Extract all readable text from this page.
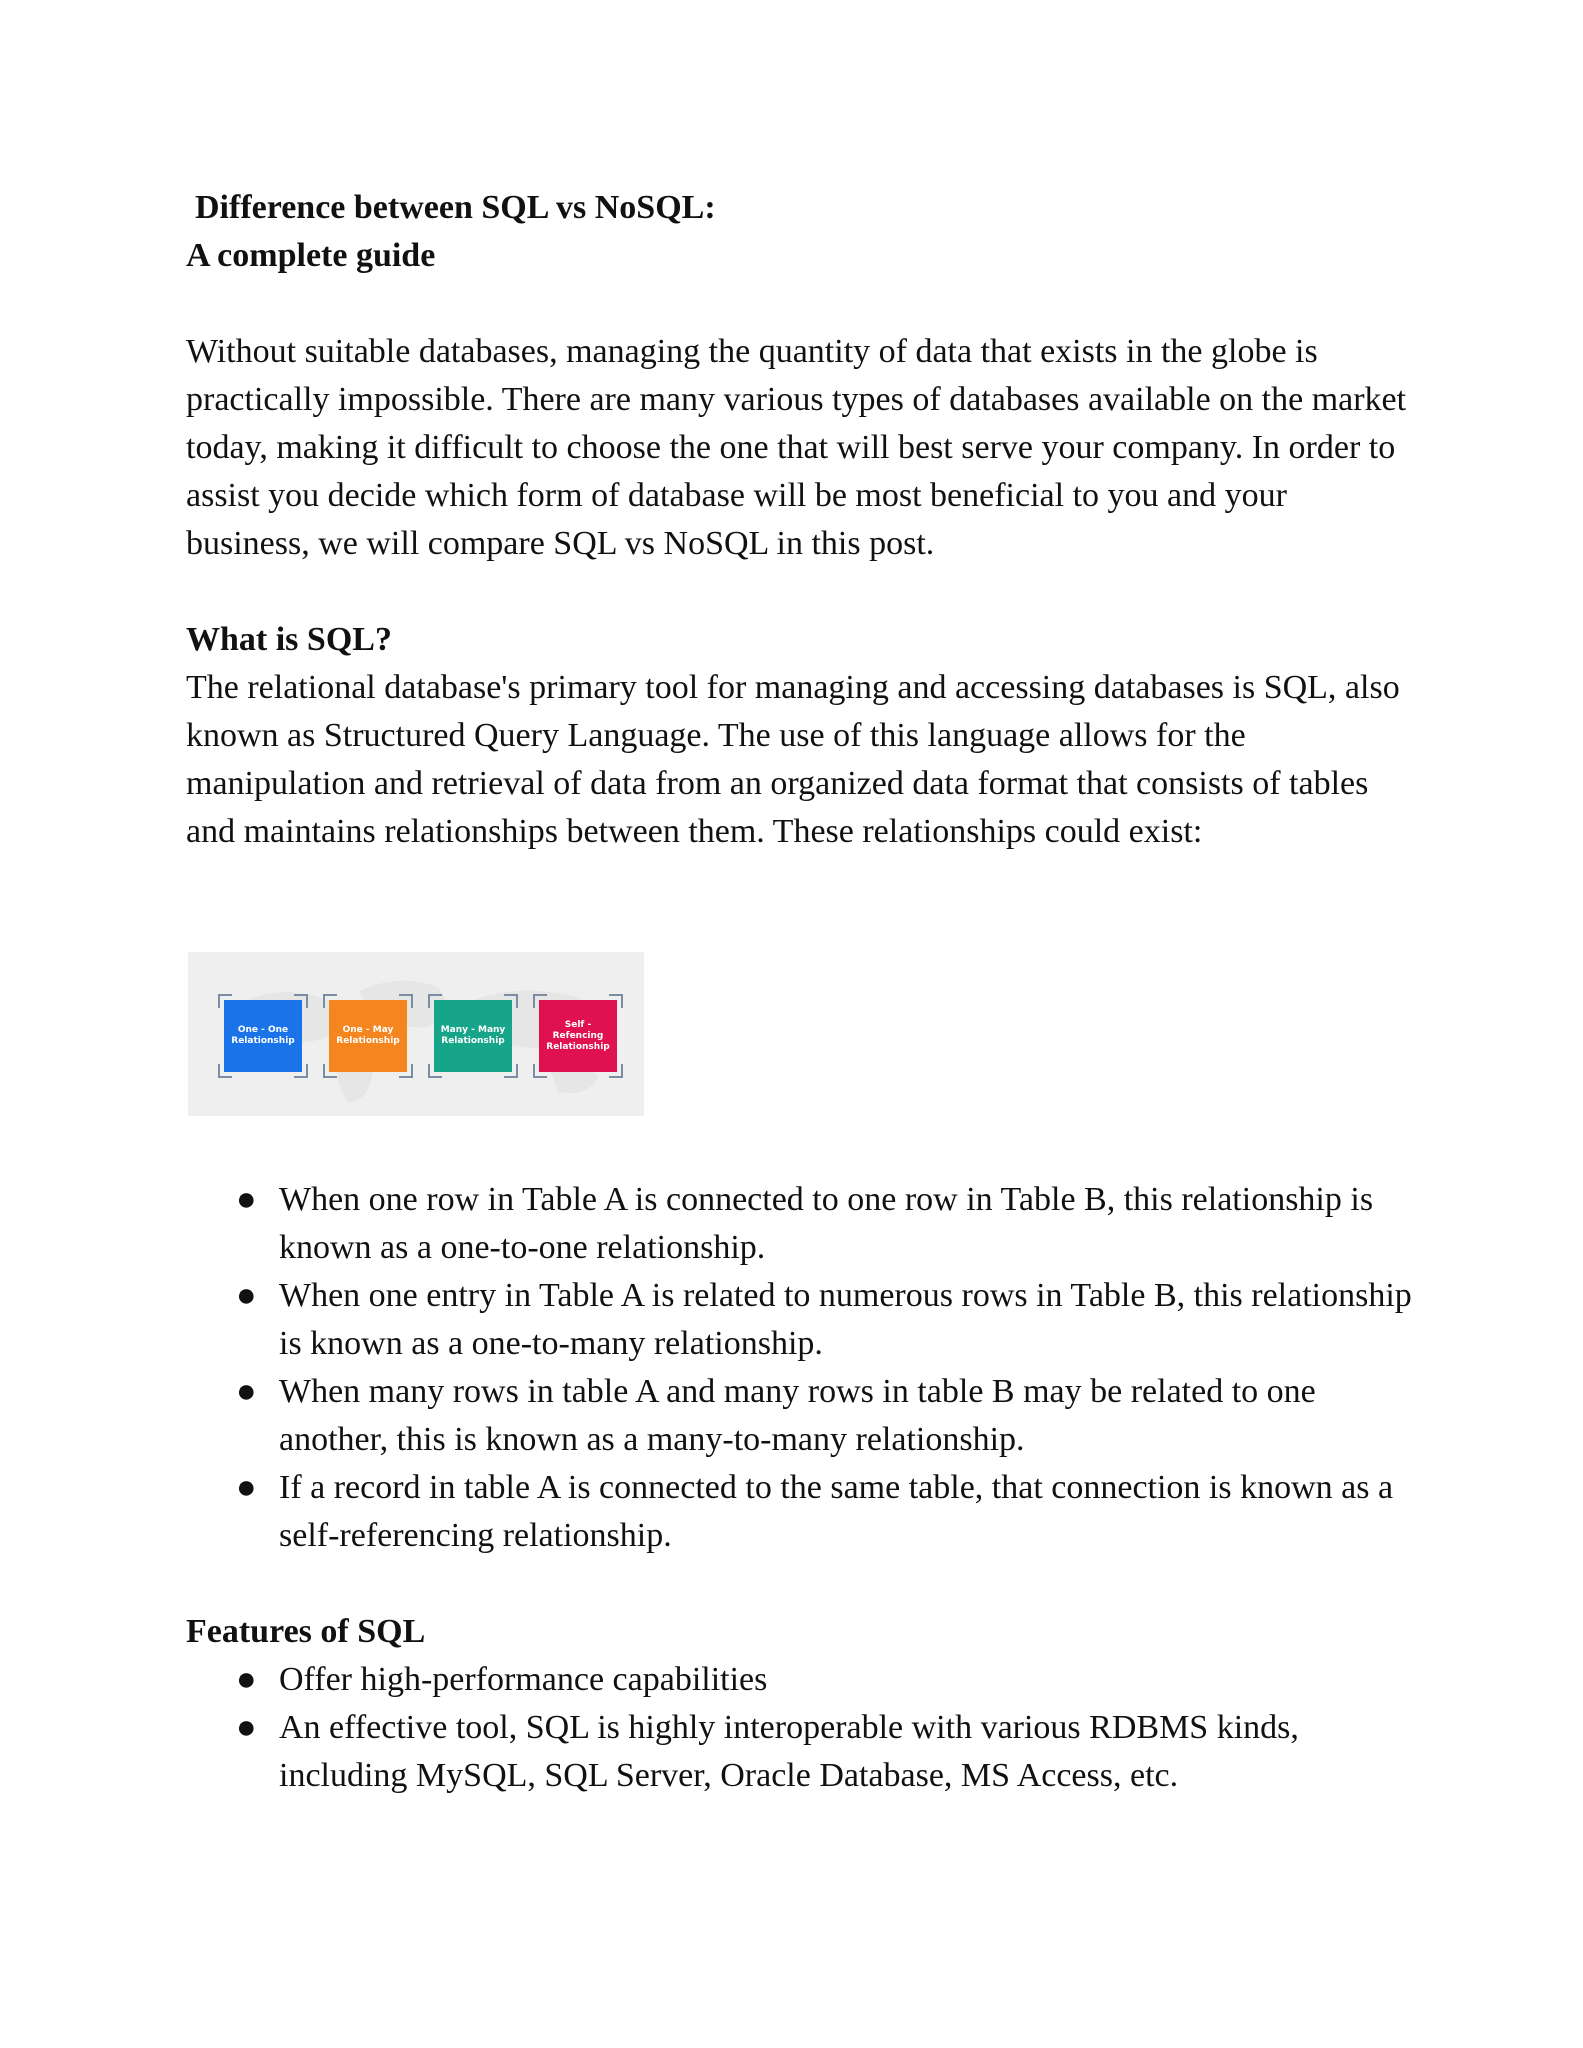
Difference between SQL vs NoSQL:
A complete guide

Without suitable databases, managing the quantity of data that exists in the globe is practically impossible. There are many various types of databases available on the market today, making it difficult to choose the one that will best serve your company. In order to assist you decide which form of database will be most beneficial to you and your business, we will compare SQL vs NoSQL in this post.

What is SQL?

The relational database's primary tool for managing and accessing databases is SQL, also known as Structured Query Language. The use of this language allows for the manipulation and retrieval of data from an organized data format that consists of tables and maintains relationships between them. These relationships could exist:

One - One Relationship
One - May Relationship
Many - Many Relationship
Self - Refencing Relationship
● When one row in Table A is connected to one row in Table B, this relationship is known as a one-to-one relationship.
● When one entry in Table A is related to numerous rows in Table B, this relationship is known as a one-to-many relationship.
● When many rows in table A and many rows in table B may be related to one another, this is known as a many-to-many relationship.
● If a record in table A is connected to the same table, that connection is known as a self-referencing relationship.
Features of SQL
● Offer high-performance capabilities
● An effective tool, SQL is highly interoperable with various RDBMS kinds, including MySQL, SQL Server, Oracle Database, MS Access, etc.
